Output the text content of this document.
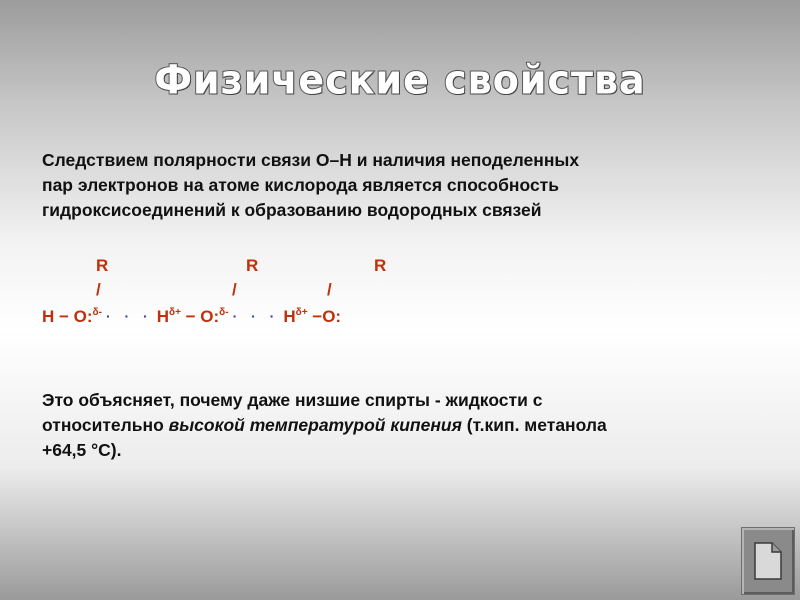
Физические свойства
Следствием полярности связи O–H и наличия неподеленных
пар электронов на атоме кислорода является способность
гидроксисоединений к образованию водородных связей
R	R	R
/	/	/
H − O:$^{\delta-}$ · · · $H^{\delta+}$ − O:$^{\delta-}$ · · · $H^{\delta+} -O$:
Это объясняет, почему даже низшие спирты - жидкости с
относительно высокой температурой кипения (т.кип. метанола
+64,5 °C).
